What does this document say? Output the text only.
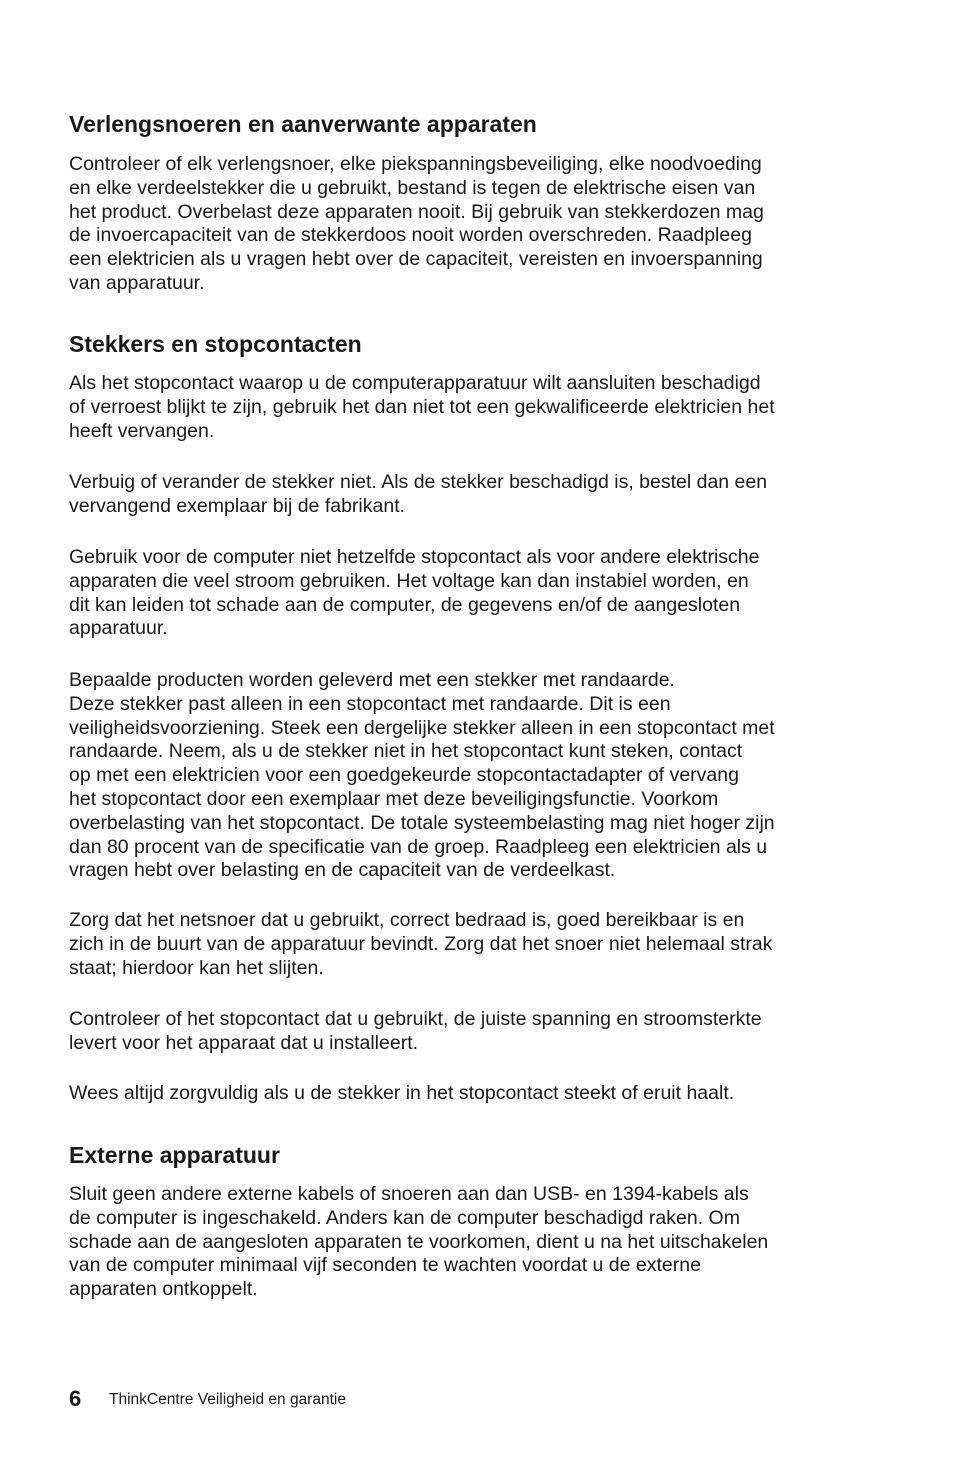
Verlengsnoeren en aanverwante apparaten

Controleer of elk verlengsnoer, elke piekspanningsbeveiliging, elke noodvoeding
en elke verdeelstekker die u gebruikt, bestand is tegen de elektrische eisen van
het product. Overbelast deze apparaten nooit. Bij gebruik van stekkerdozen mag
de invoercapaciteit van de stekkerdoos nooit worden overschreden. Raadpleeg
een elektricien als u vragen hebt over de capaciteit, vereisten en invoerspanning
van apparatuur.

Stekkers en stopcontacten

Als het stopcontact waarop u de computerapparatuur wilt aansluiten beschadigd
of verroest blijkt te zijn, gebruik het dan niet tot een gekwalificeerde elektricien het
heeft vervangen.

Verbuig of verander de stekker niet. Als de stekker beschadigd is, bestel dan een
vervangend exemplaar bij de fabrikant.

Gebruik voor de computer niet hetzelfde stopcontact als voor andere elektrische
apparaten die veel stroom gebruiken. Het voltage kan dan instabiel worden, en
dit kan leiden tot schade aan de computer, de gegevens en/of de aangesloten
apparatuur.

Bepaalde producten worden geleverd met een stekker met randaarde.
Deze stekker past alleen in een stopcontact met randaarde. Dit is een
veiligheidsvoorziening. Steek een dergelijke stekker alleen in een stopcontact met
randaarde. Neem, als u de stekker niet in het stopcontact kunt steken, contact
op met een elektricien voor een goedgekeurde stopcontactadapter of vervang
het stopcontact door een exemplaar met deze beveiligingsfunctie. Voorkom
overbelasting van het stopcontact. De totale systeembelasting mag niet hoger zijn
dan 80 procent van de specificatie van de groep. Raadpleeg een elektricien als u
vragen hebt over belasting en de capaciteit van de verdeelkast.

Zorg dat het netsnoer dat u gebruikt, correct bedraad is, goed bereikbaar is en
zich in de buurt van de apparatuur bevindt. Zorg dat het snoer niet helemaal strak
staat; hierdoor kan het slijten.

Controleer of het stopcontact dat u gebruikt, de juiste spanning en stroomsterkte
levert voor het apparaat dat u installeert.

Wees altijd zorgvuldig als u de stekker in het stopcontact steekt of eruit haalt.

Externe apparatuur

Sluit geen andere externe kabels of snoeren aan dan USB- en 1394-kabels als
de computer is ingeschakeld. Anders kan de computer beschadigd raken. Om
schade aan de aangesloten apparaten te voorkomen, dient u na het uitschakelen
van de computer minimaal vijf seconden te wachten voordat u de externe
apparaten ontkoppelt.

6 ThinkCentre Veiligheid en garantie
